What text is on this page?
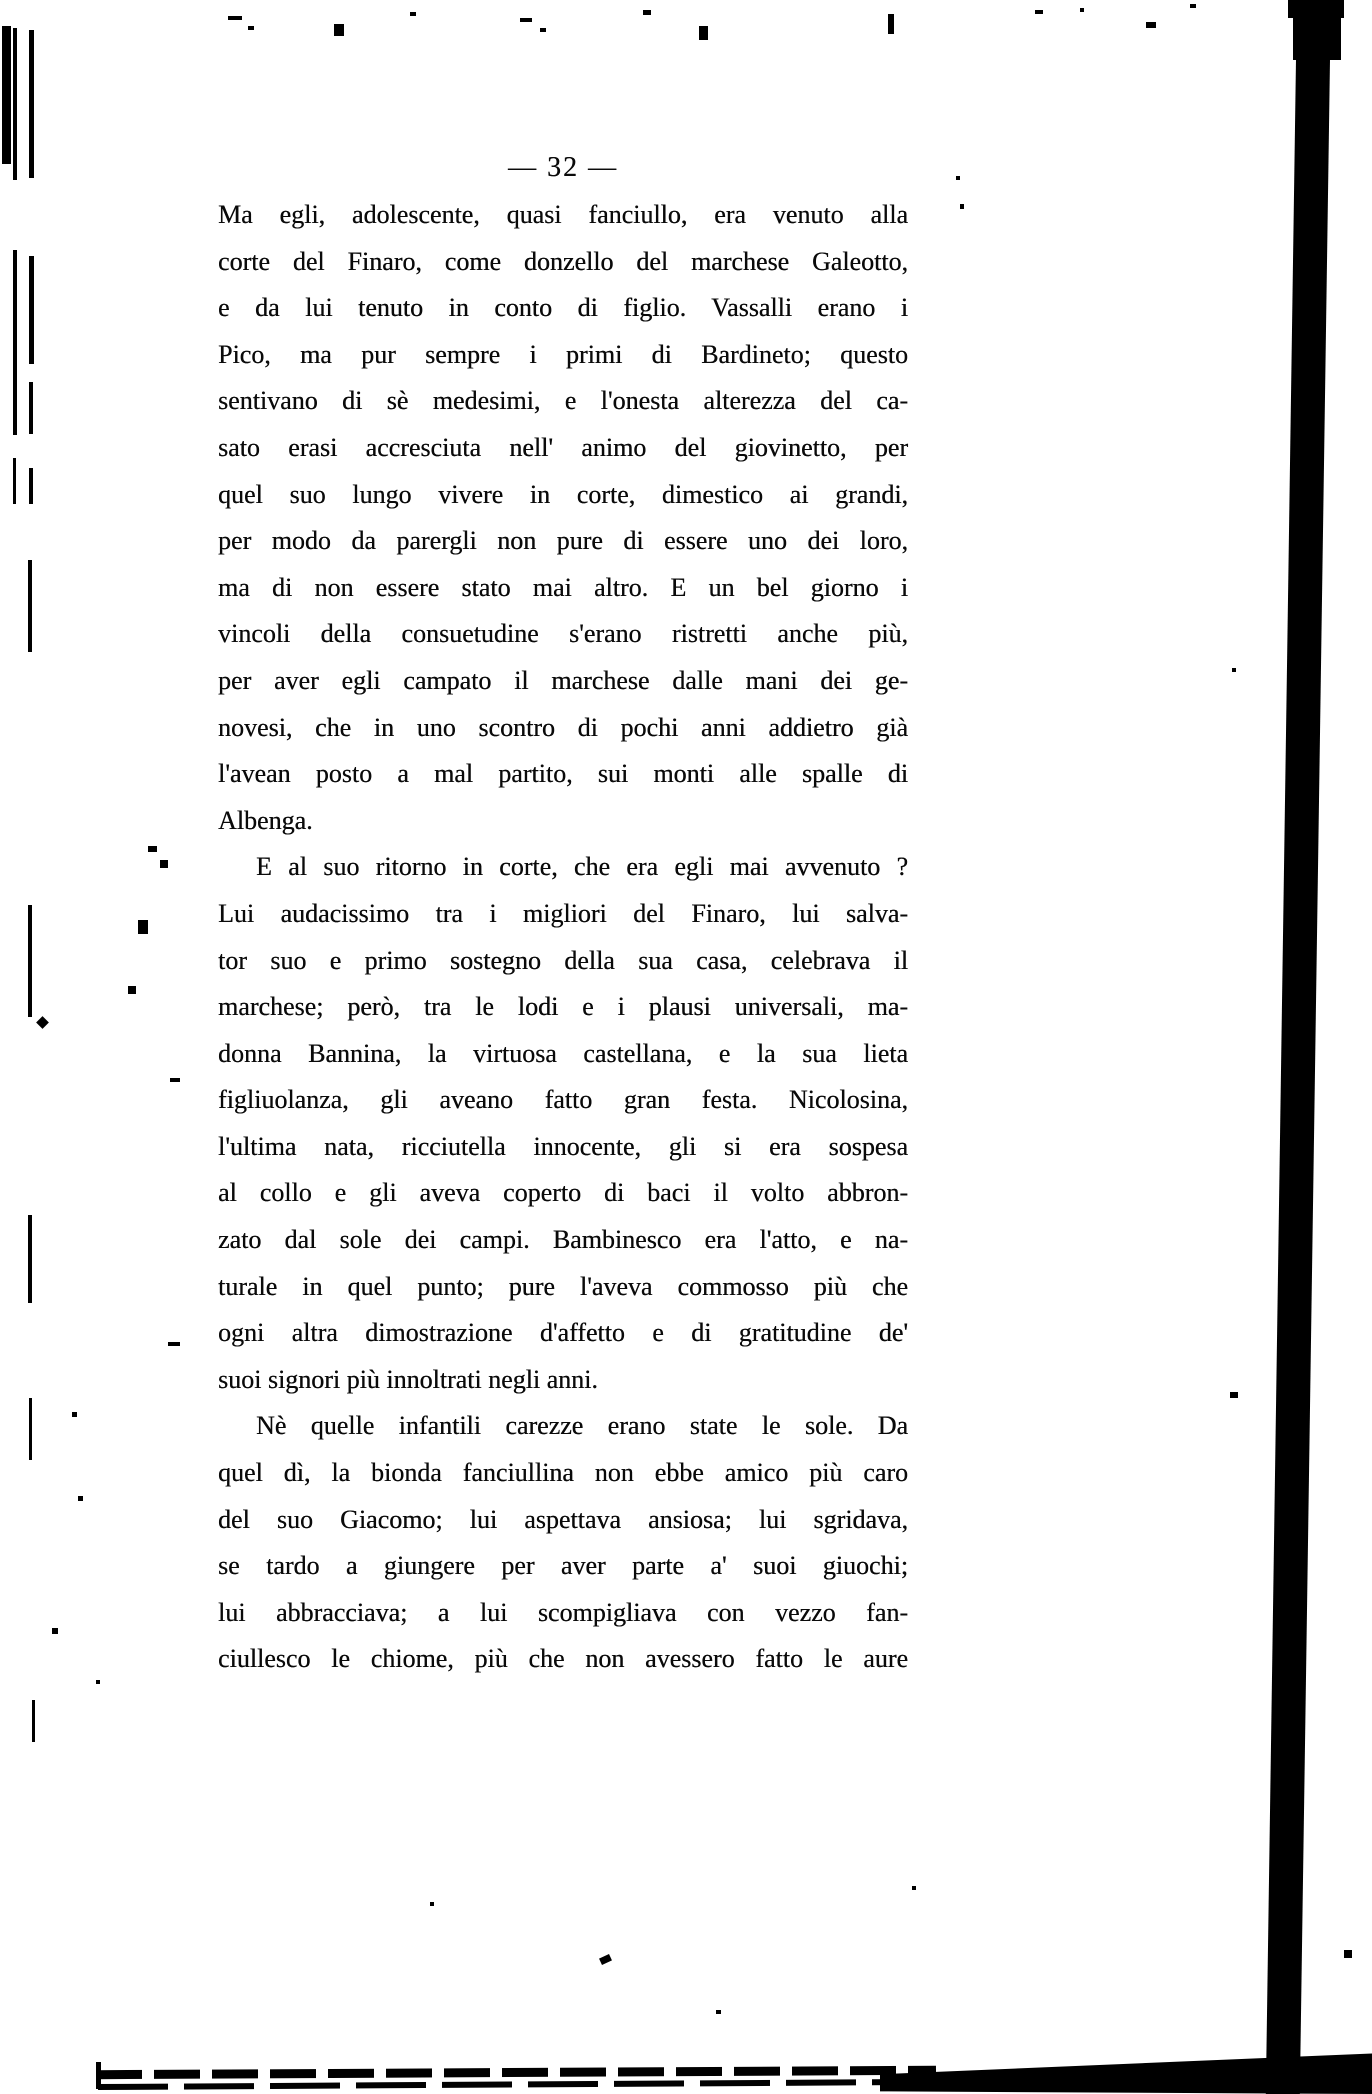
— 32 —
Ma egli, adolescente, quasi fanciullo, era venuto alla
corte del Finaro, come donzello del marchese Galeotto,
e da lui tenuto in conto di figlio. Vassalli erano i
Pico, ma pur sempre i primi di Bardineto; questo
sentivano di sè medesimi, e l'onesta alterezza del ca-
sato erasi accresciuta nell' animo del giovinetto, per
quel suo lungo vivere in corte, dimestico ai grandi,
per modo da parergli non pure di essere uno dei loro,
ma di non essere stato mai altro. E un bel giorno i
vincoli della consuetudine s'erano ristretti anche più,
per aver egli campato il marchese dalle mani dei ge-
novesi, che in uno scontro di pochi anni addietro già
l'avean posto a mal partito, sui monti alle spalle di
Albenga.
E al suo ritorno in corte, che era egli mai avvenuto ?
Lui audacissimo tra i migliori del Finaro, lui salva-
tor suo e primo sostegno della sua casa, celebrava il
marchese; però, tra le lodi e i plausi universali, ma-
donna Bannina, la virtuosa castellana, e la sua lieta
figliuolanza, gli aveano fatto gran festa. Nicolosina,
l'ultima nata, ricciutella innocente, gli si era sospesa
al collo e gli aveva coperto di baci il volto abbron-
zato dal sole dei campi. Bambinesco era l'atto, e na-
turale in quel punto; pure l'aveva commosso più che
ogni altra dimostrazione d'affetto e di gratitudine de'
suoi signori più innoltrati negli anni.
Nè quelle infantili carezze erano state le sole. Da
quel dì, la bionda fanciullina non ebbe amico più caro
del suo Giacomo; lui aspettava ansiosa; lui sgridava,
se tardo a giungere per aver parte a' suoi giuochi;
lui abbracciava; a lui scompigliava con vezzo fan-
ciullesco le chiome, più che non avessero fatto le aure
